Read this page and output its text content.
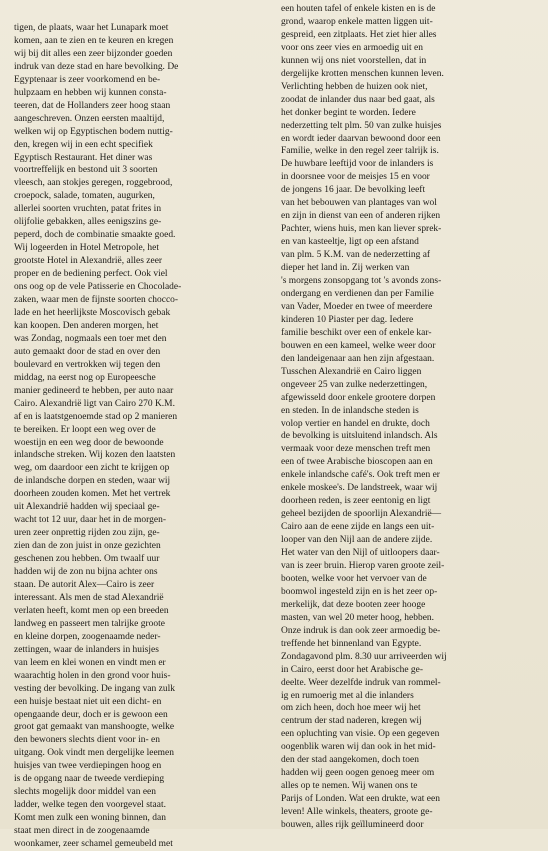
tigen, de plaats, waar het Lunapark moet
komen, aan te zien en te keuren en kregen
wij bij dit alles een zeer bijzonder goeden
indruk van deze stad en hare bevolking. De
Egyptenaar is zeer voorkomend en be-
hulpzaam en hebben wij kunnen consta-
teeren, dat de Hollanders zeer hoog staan
aangeschreven. Onzen eersten maaltijd,
welken wij op Egyptischen bodem nuttig-
den, kregen wij in een echt specifiek
Egyptisch Restaurant. Het diner was
voortreffelijk en bestond uit 3 soorten
vleesch, aan stokjes geregen, roggebrood,
croepock, salade, tomaten, augurken,
allerlei soorten vruchten, patat frites in
olijfolie gebakken, alles eenigszins ge-
peperd, doch de combinatie smaakte goed.
Wij logeerden in Hotel Metropole, het
grootste Hotel in Alexandrië, alles zeer
proper en de bediening perfect. Ook viel
ons oog op de vele Patisserie en Chocolade-
zaken, waar men de fijnste soorten chocco-
lade en het heerlijkste Moscovisch gebak
kan koopen. Den anderen morgen, het
was Zondag, nogmaals een toer met den
auto gemaakt door de stad en over den
boulevard en vertrokken wij tegen den
middag, na eerst nog op Europeesche
manier gedineerd te hebben, per auto naar
Cairo. Alexandrië ligt van Cairo 270 K.M.
af en is laatstgenoemde stad op 2 manieren
te bereiken. Er loopt een weg over de
woestijn en een weg door de bewoonde
inlandsche streken. Wij kozen den laatsten
weg, om daardoor een zicht te krijgen op
de inlandsche dorpen en steden, waar wij
doorheen zouden komen. Met het vertrek
uit Alexandrië hadden wij speciaal ge-
wacht tot 12 uur, daar het in de morgen-
uren zeer onprettig rijden zou zijn, ge-
zien dan de zon juist in onze gezichten
geschenen zou hebben. Om twaalf uur
hadden wij de zon nu bijna achter ons
staan. De autorit Alex—Cairo is zeer
interessant. Als men de stad Alexandrië
verlaten heeft, komt men op een breeden
landweg en passeert men talrijke groote
en kleine dorpen, zoogenaamde neder-
zettingen, waar de inlanders in huisjes
van leem en klei wonen en vindt men er
waarachtig holen in den grond voor huis-
vesting der bevolking. De ingang van zulk
een huisje bestaat niet uit een dicht- en
opengaande deur, doch er is gewoon een
groot gat gemaakt van manshoogte, welke
den bewoners slechts dient voor in- en
uitgang. Ook vindt men dergelijke leemen
huisjes van twee verdiepingen hoog en
is de opgang naar de tweede verdieping
slechts mogelijk door middel van een
ladder, welke tegen den voorgevel staat.
Komt men zulk een woning binnen, dan
staat men direct in de zoogenaamde
woonkamer, zeer schamel gemeubeld met
een houten tafel of enkele kisten en is de
grond, waarop enkele matten liggen uit-
gespreid, een zitplaats. Het ziet hier alles
voor ons zeer vies en armoedig uit en
kunnen wij ons niet voorstellen, dat in
dergelijke krotten menschen kunnen leven.
Verlichting hebben de huizen ook niet,
zoodat de inlander dus naar bed gaat, als
het donker begint te worden. Iedere
nederzetting telt plm. 50 van zulke huisjes
en wordt ieder daarvan bewoond door een
Familie, welke in den regel zeer talrijk is.
De huwbare leeftijd voor de inlanders is
in doorsnee voor de meisjes 15 en voor
de jongens 16 jaar. De bevolking leeft
van het bebouwen van plantages van wol
en zijn in dienst van een of anderen rijken
Pachter, wiens huis, men kan liever sprek-
en van kasteeltje, ligt op een afstand
van plm. 5 K.M. van de nederzetting af
dieper het land in. Zij werken van
's morgens zonsopgang tot 's avonds zons-
ondergang en verdienen dan per Familie
van Vader, Moeder en twee of meerdere
kinderen 10 Piaster per dag. Iedere
familie beschikt over een of enkele kar-
bouwen en een kameel, welke weer door
den landeigenaar aan hen zijn afgestaan.
Tusschen Alexandrië en Cairo liggen
ongeveer 25 van zulke nederzettingen,
afgewisseld door enkele grootere dorpen
en steden. In de inlandsche steden is
volop vertier en handel en drukte, doch
de bevolking is uitsluitend inlandsch. Als
vermaak voor deze menschen treft men
een of twee Arabische bioscopen aan en
enkele inlandsche café's. Ook treft men er
enkele moskee's. De landstreek, waar wij
doorheen reden, is zeer eentonig en ligt
geheel bezijden de spoorlijn Alexandrië—
Cairo aan de eene zijde en langs een uit-
looper van den Nijl aan de andere zijde.
Het water van den Nijl of uitloopers daar-
van is zeer bruin. Hierop varen groote zeil-
booten, welke voor het vervoer van de
boomwol ingesteld zijn en is het zeer op-
merkelijk, dat deze booten zeer hooge
masten, van wel 20 meter hoog, hebben.
Onze indruk is dan ook zeer armoedig be-
treffende het binnenland van Egypte.
Zondagavond plm. 8.30 uur arriveerden wij
in Cairo, eerst door het Arabische ge-
deelte. Weer dezelfde indruk van rommel-
ig en rumoerig met al die inlanders
om zich heen, doch hoe meer wij het
centrum der stad naderen, kregen wij
een opluchting van visie. Op een gegeven
oogenblik waren wij dan ook in het mid-
den der stad aangekomen, doch toen
hadden wij geen oogen genoeg meer om
alles op te nemen. Wij wanen ons te
Parijs of Londen. Wat een drukte, wat een
leven! Alle winkels, theaters, groote ge-
bouwen, alles rijk geïllumineerd door
